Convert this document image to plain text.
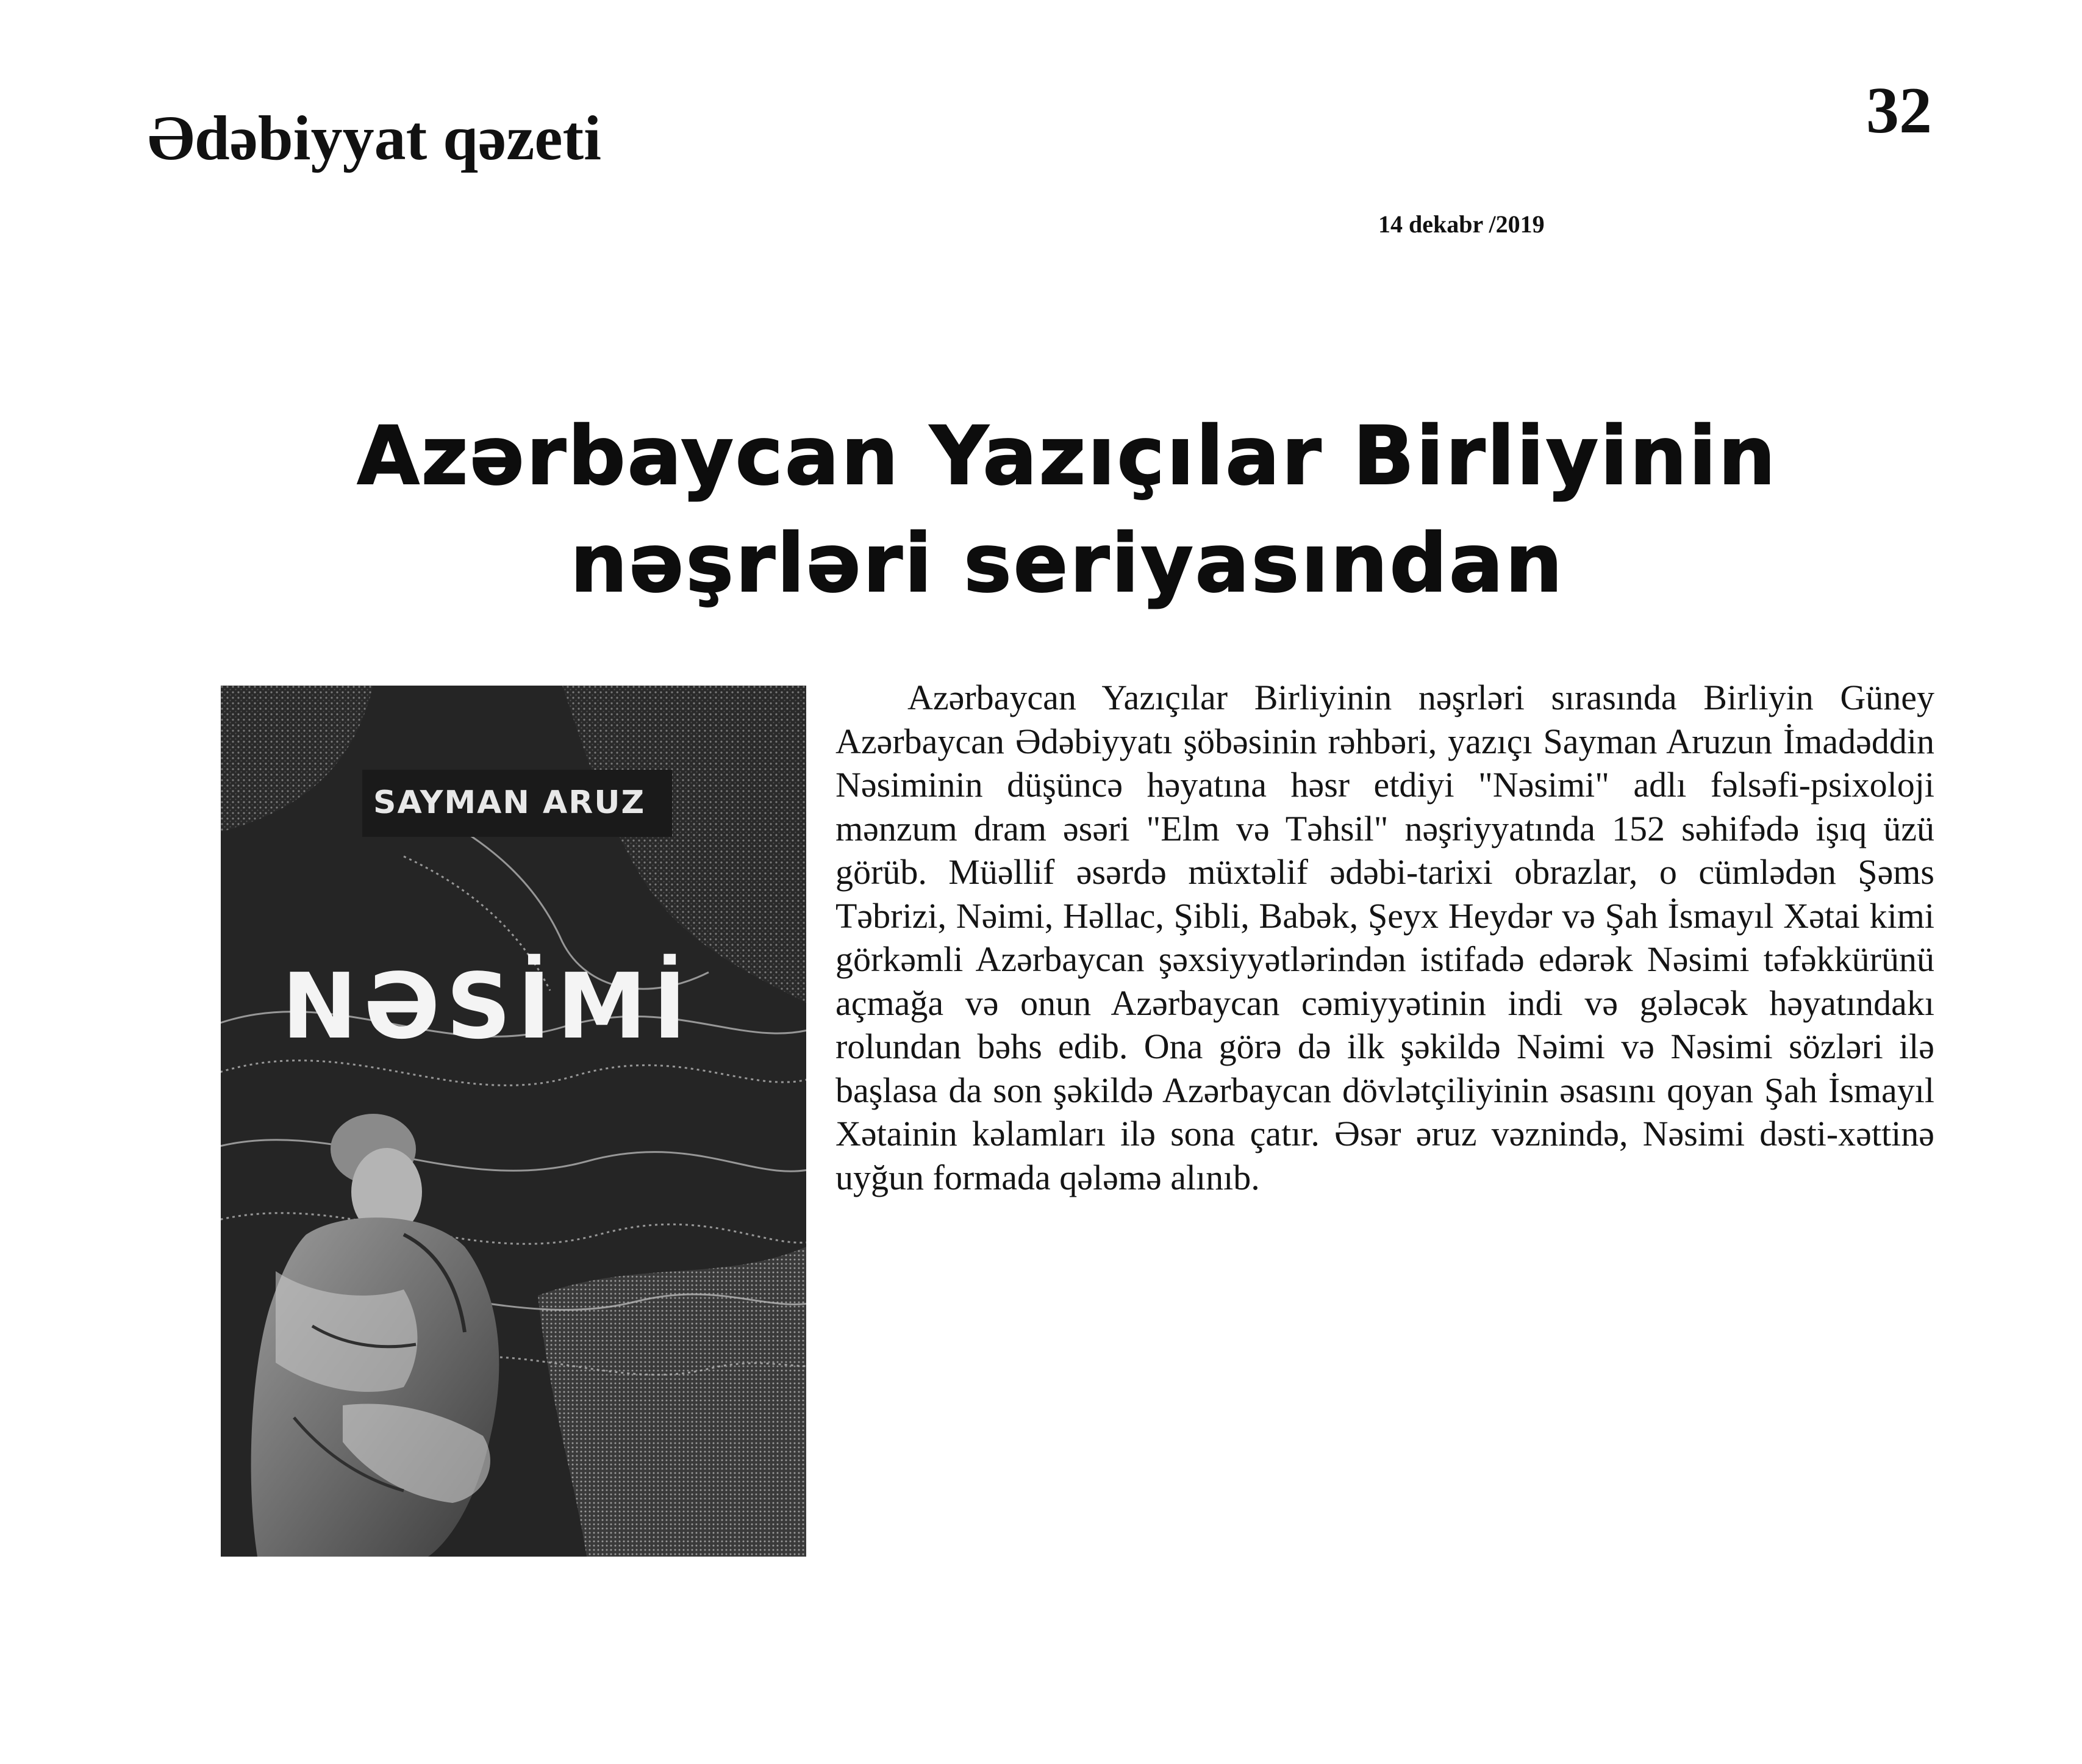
Ədəbiyyat qəzeti	32
14 dekabr /2019
Azərbaycan Yazıçılar Birliyinin
nəşrləri seriyasından
SAYMAN ARUZ
NƏSİMİ

Azərbaycan Yazıçılar Birliyinin nəşrləri sırasında Birliyin Güney Azərbaycan Ədəbiyyatı şöbəsinin rəhbəri, yazıçı Sayman Aruzun İmadəddin Nəsiminin düşüncə həyatına həsr etdiyi "Nəsimi" adlı fəlsəfi-psixoloji mənzum dram əsəri "Elm və Təhsil" nəşriyyatında 152 səhifədə işıq üzü görüb. Müəllif əsərdə müxtəlif ədəbi-tarixi obrazlar, o cümlədən Şəms Təbrizi, Nəimi, Həllac, Şibli, Babək, Şeyx Heydər və Şah İsmayıl Xətai kimi görkəmli Azərbaycan şəxsiyyətlərindən istifadə edərək Nəsimi təfəkkürünü açmağa və onun Azərbaycan cəmiyyətinin indi və gələcək həyatındakı rolundan bəhs edib. Ona görə də ilk şəkildə Nəimi və Nəsimi sözləri ilə başlasa da son şəkildə Azərbaycan dövlətçiliyinin əsasını qoyan Şah İsmayıl Xətainin kəlamları ilə sona çatır. Əsər əruz vəznində, Nəsimi dəsti-xəttinə uyğun formada qələmə alınıb.
